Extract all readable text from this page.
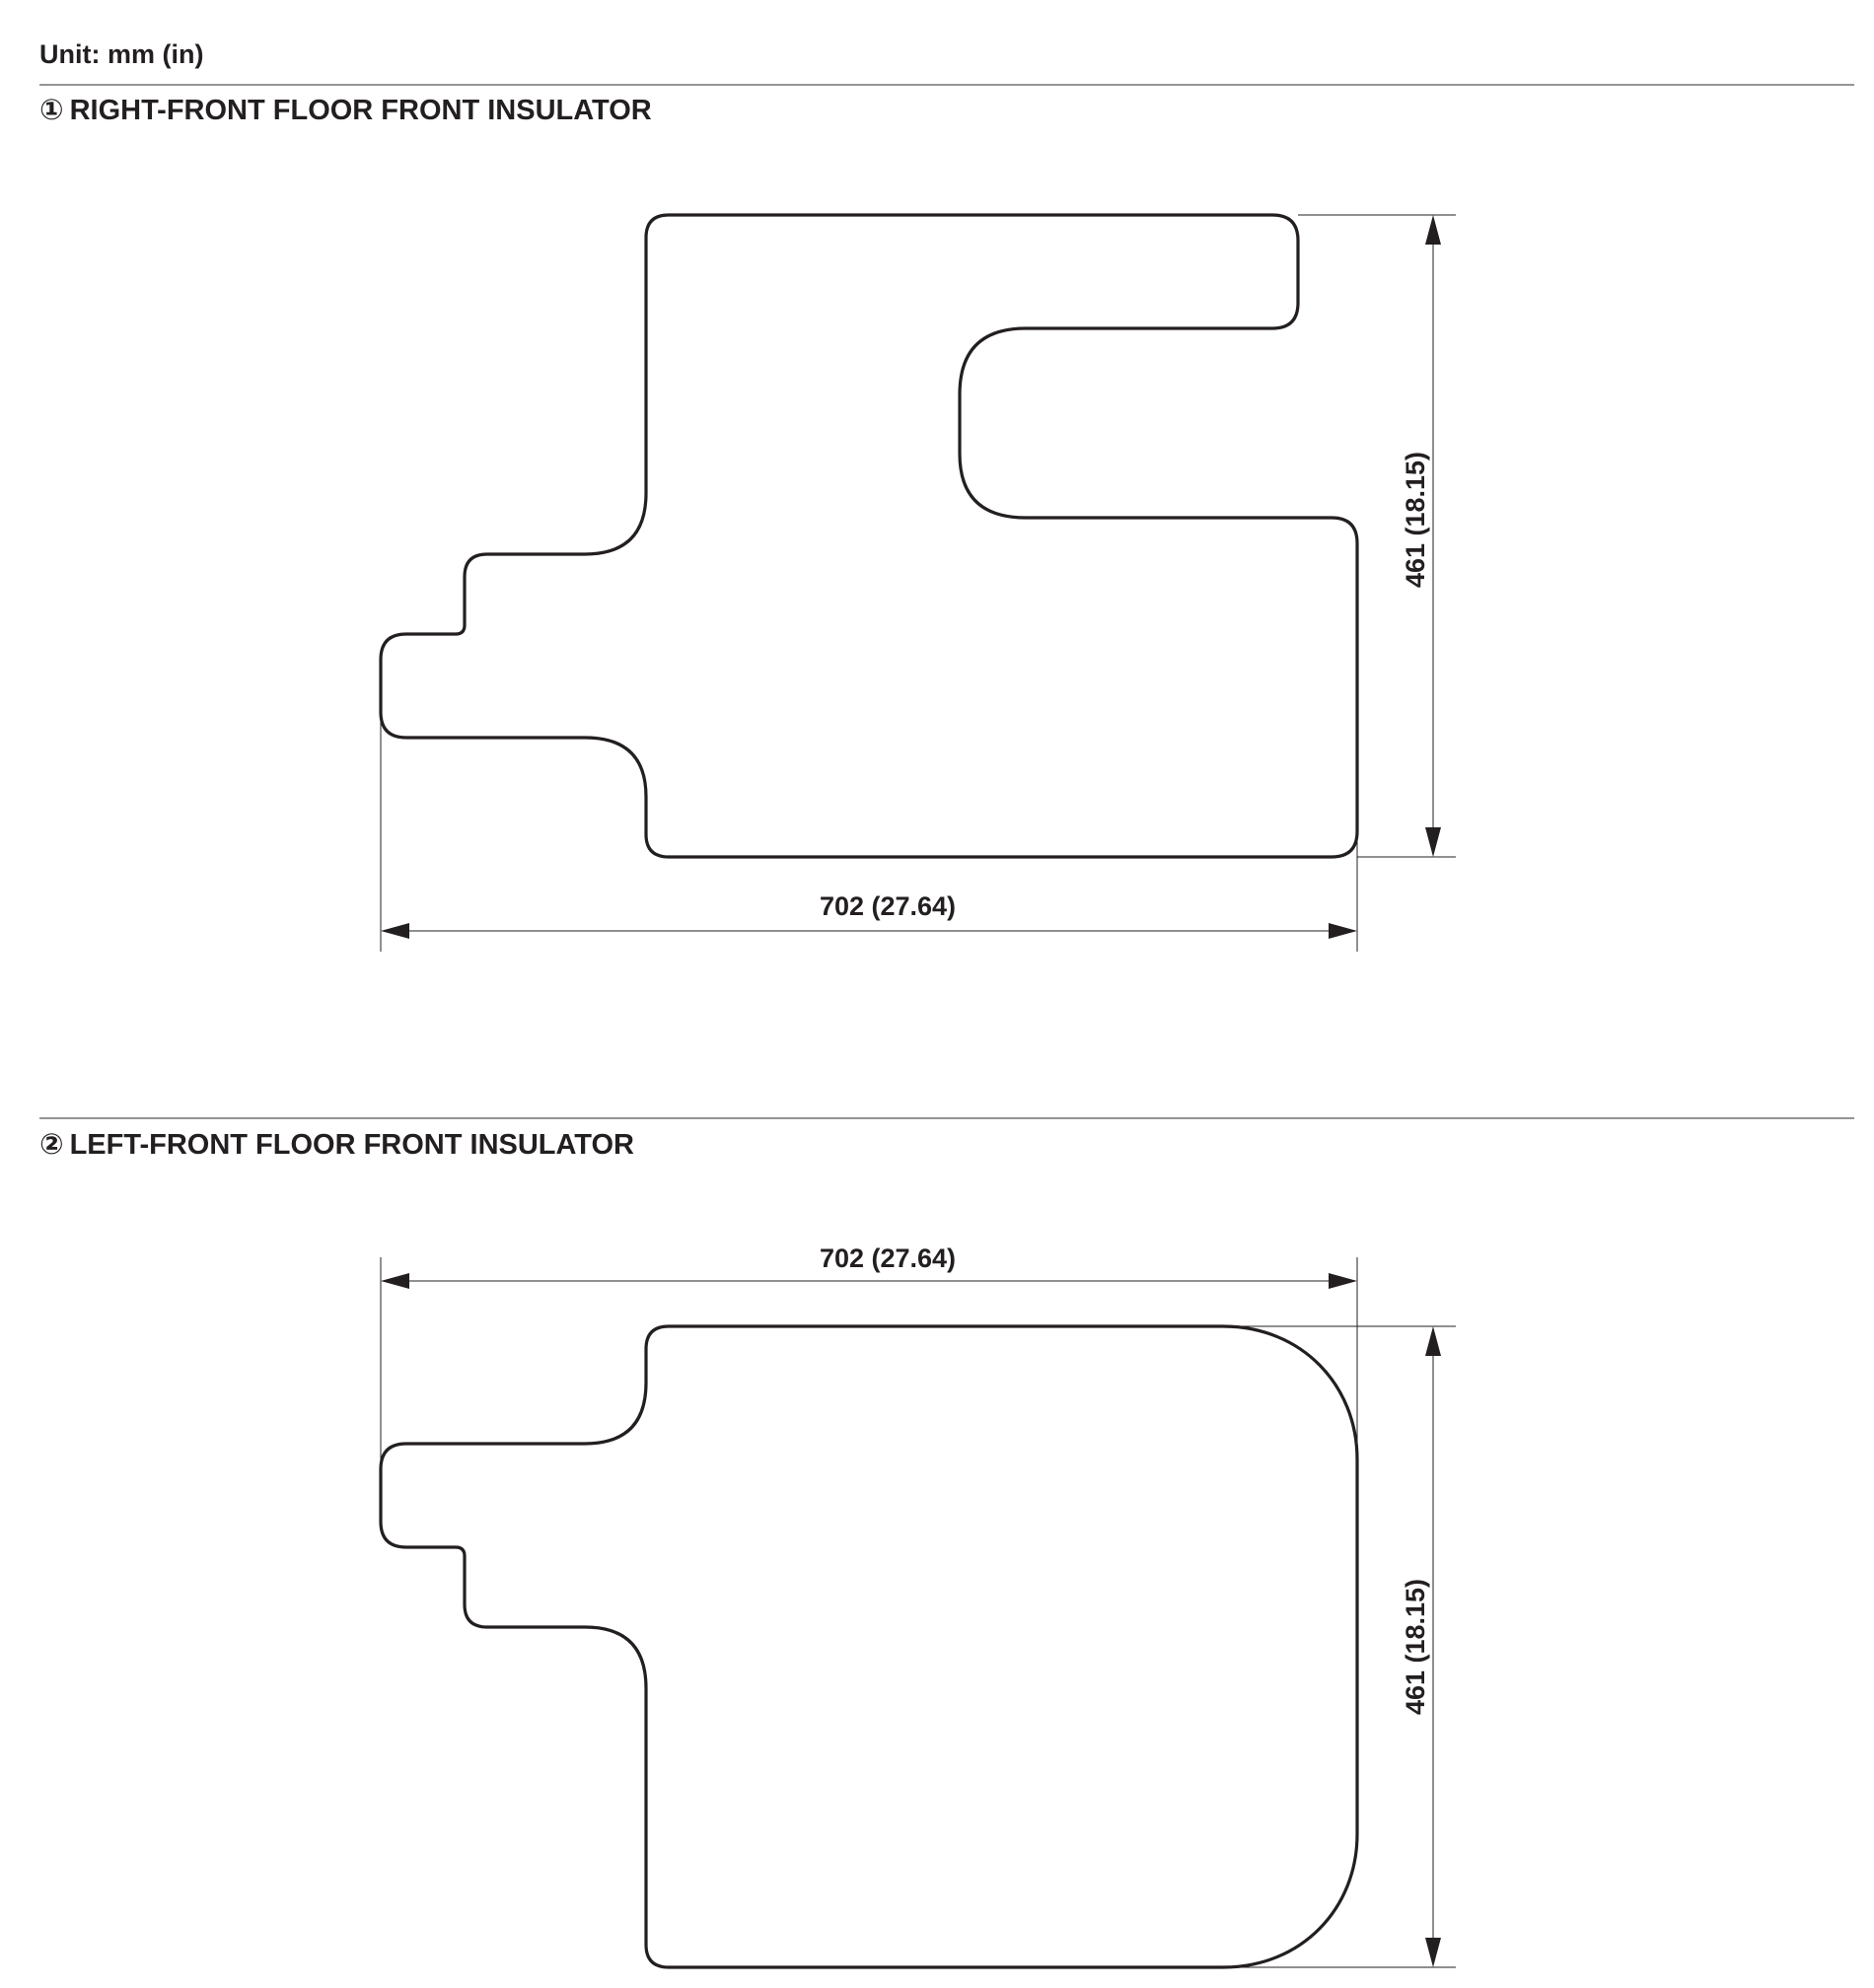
Unit: mm (in)
① RIGHT-FRONT FLOOR FRONT INSULATOR
461 (18.15)
702 (27.64)
② LEFT-FRONT FLOOR FRONT INSULATOR
702 (27.64)
461 (18.15)
